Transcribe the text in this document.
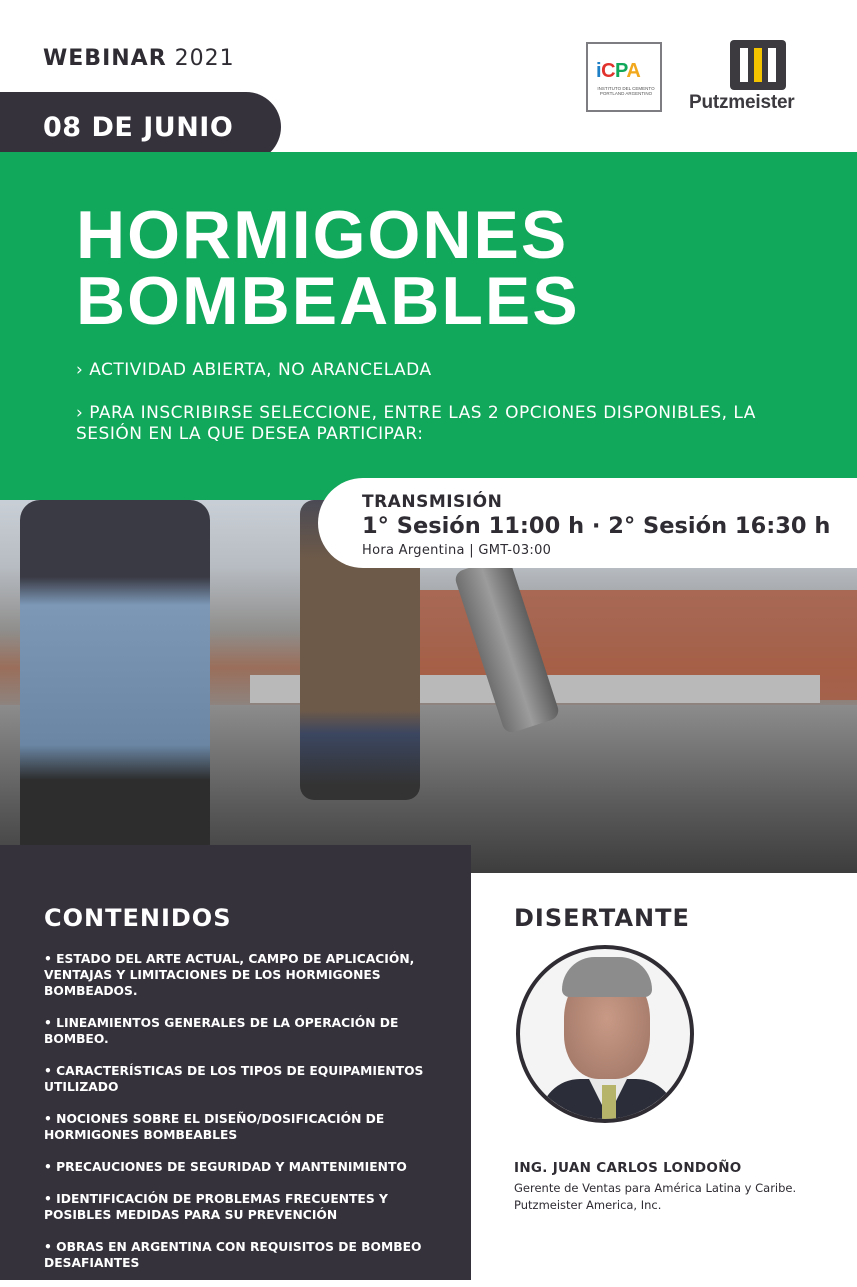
WEBINAR 2021
08 DE JUNIO
iCPA
INSTITUTO DEL CEMENTO PORTLAND ARGENTINO	Putzmeister
HORMIGONES
BOMBEABLES
› ACTIVIDAD ABIERTA, NO ARANCELADA
› PARA INSCRIBIRSE SELECCIONE, ENTRE LAS 2 OPCIONES DISPONIBLES, LA SESIÓN EN LA QUE DESEA PARTICIPAR:
TRANSMISIÓN
1° Sesión 11:00 h · 2° Sesión 16:30 h
Hora Argentina | GMT-03:00
CONTENIDOS
• ESTADO DEL ARTE ACTUAL, CAMPO DE APLICACIÓN, VENTAJAS Y LIMITACIONES DE LOS HORMIGONES BOMBEADOS.
• LINEAMIENTOS GENERALES DE LA OPERACIÓN DE BOMBEO.
• CARACTERÍSTICAS DE LOS TIPOS DE EQUIPAMIENTOS UTILIZADO
• NOCIONES SOBRE EL DISEÑO/DOSIFICACIÓN DE HORMIGONES BOMBEABLES
• PRECAUCIONES DE SEGURIDAD Y MANTENIMIENTO
• IDENTIFICACIÓN DE PROBLEMAS FRECUENTES Y POSIBLES MEDIDAS PARA SU PREVENCIÓN
• OBRAS EN ARGENTINA CON REQUISITOS DE BOMBEO DESAFIANTES
DISERTANTE
ING. JUAN CARLOS LONDOÑO
Gerente de Ventas para América Latina y Caribe.
Putzmeister America, Inc.
